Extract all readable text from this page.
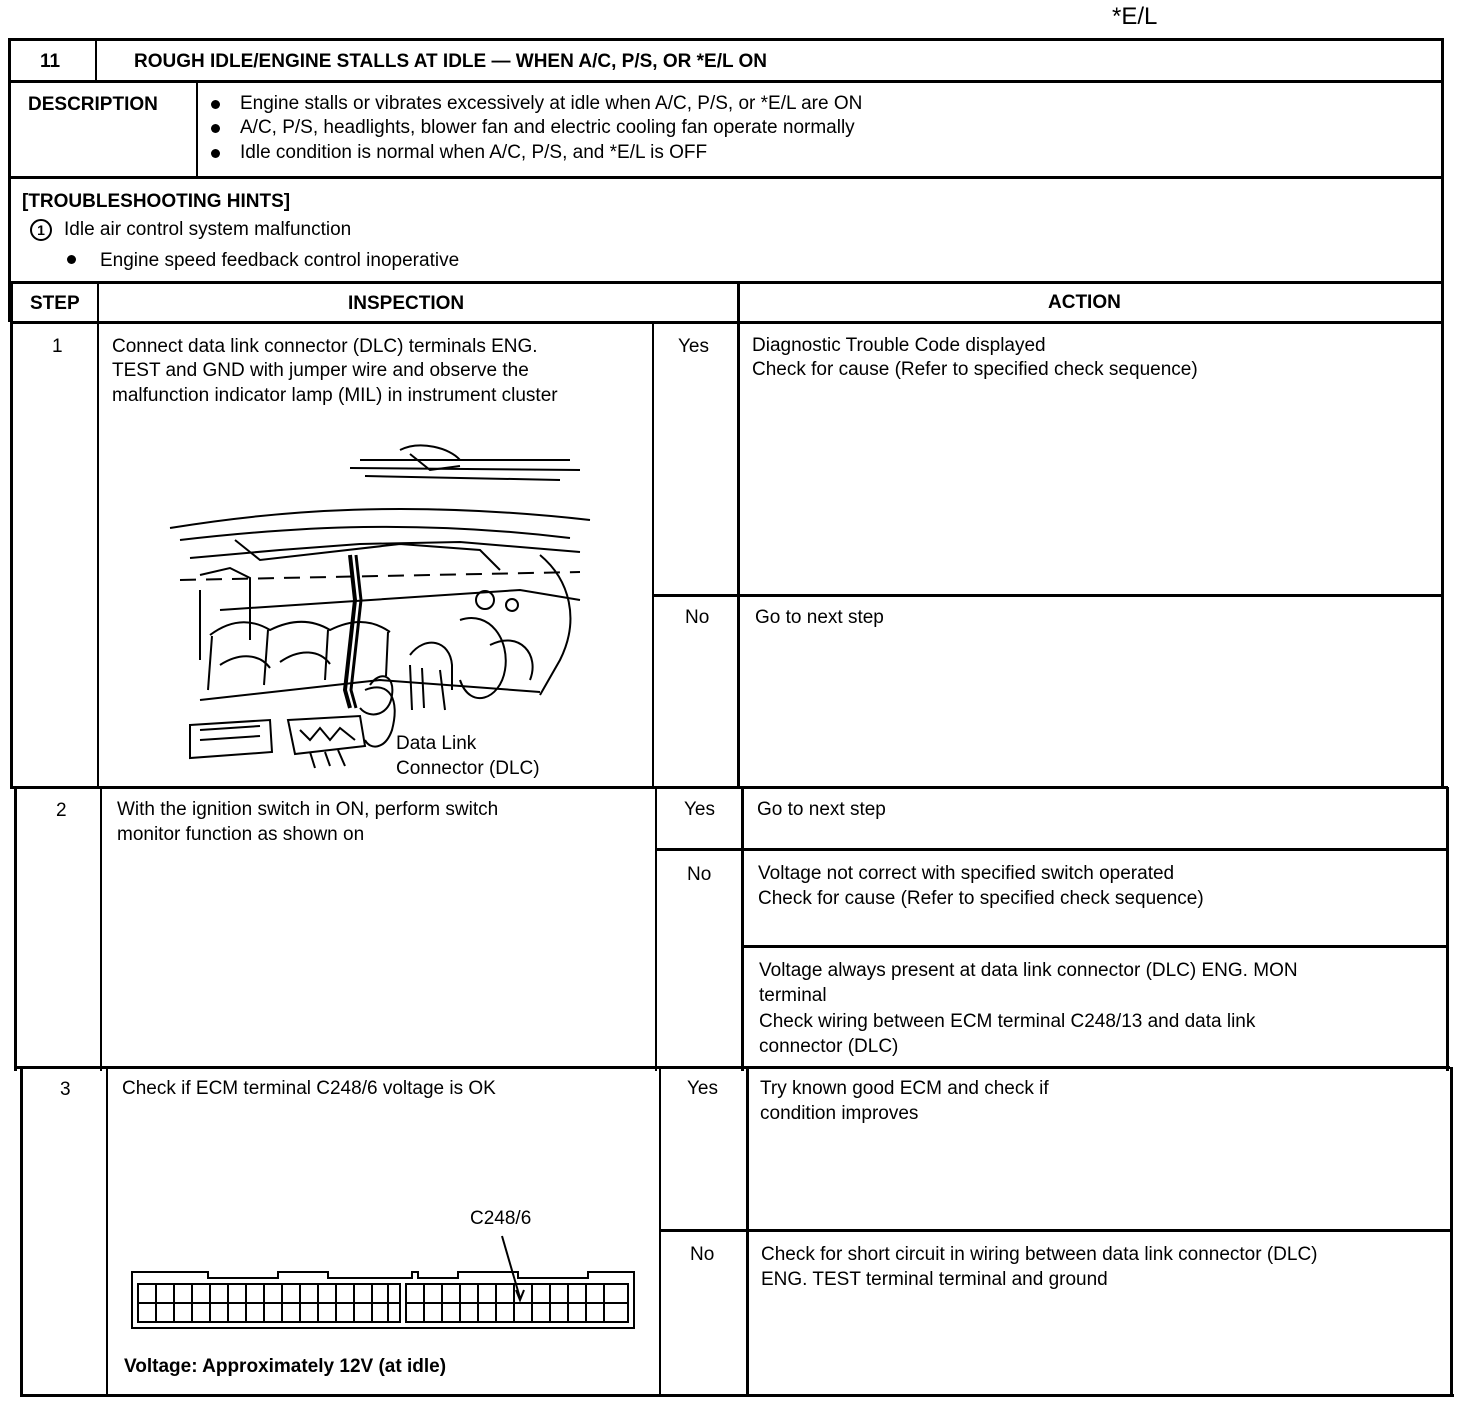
*E/L
11	ROUGH IDLE/ENGINE STALLS AT IDLE — WHEN A/C, P/S, OR *E/L ON
DESCRIPTION	Engine stalls or vibrates excessively at idle when A/C, P/S, or *E/L are ON
A/C, P/S, headlights, blower fan and electric cooling fan operate normally
Idle condition is normal when A/C, P/S, and *E/L is OFF
[TROUBLESHOOTING HINTS]
1	Idle air control system malfunction
Engine speed feedback control inoperative
STEP	INSPECTION	ACTION
1	Connect data link connector (DLC) terminals ENG.
TEST and GND with jumper wire and observe the
malfunction indicator lamp (MIL) in instrument cluster
Data Link
Connector (DLC)
Yes Diagnostic Trouble Code displayed
Check for cause (Refer to specified check sequence)
No Go to next step
2	With the ignition switch in ON, perform switch
monitor function as shown on
Yes Go to next step
No Voltage not correct with specified switch operated
Check for cause (Refer to specified check sequence)
Voltage always present at data link connector (DLC) ENG. MON
terminal
Check wiring between ECM terminal C248/13 and data link
connector (DLC)
3	Check if ECM terminal C248/6 voltage is OK
C248/6
Voltage: Approximately 12V (at idle)
Yes Try known good ECM and check if
condition improves
No Check for short circuit in wiring between data link connector (DLC)
ENG. TEST terminal terminal and ground
